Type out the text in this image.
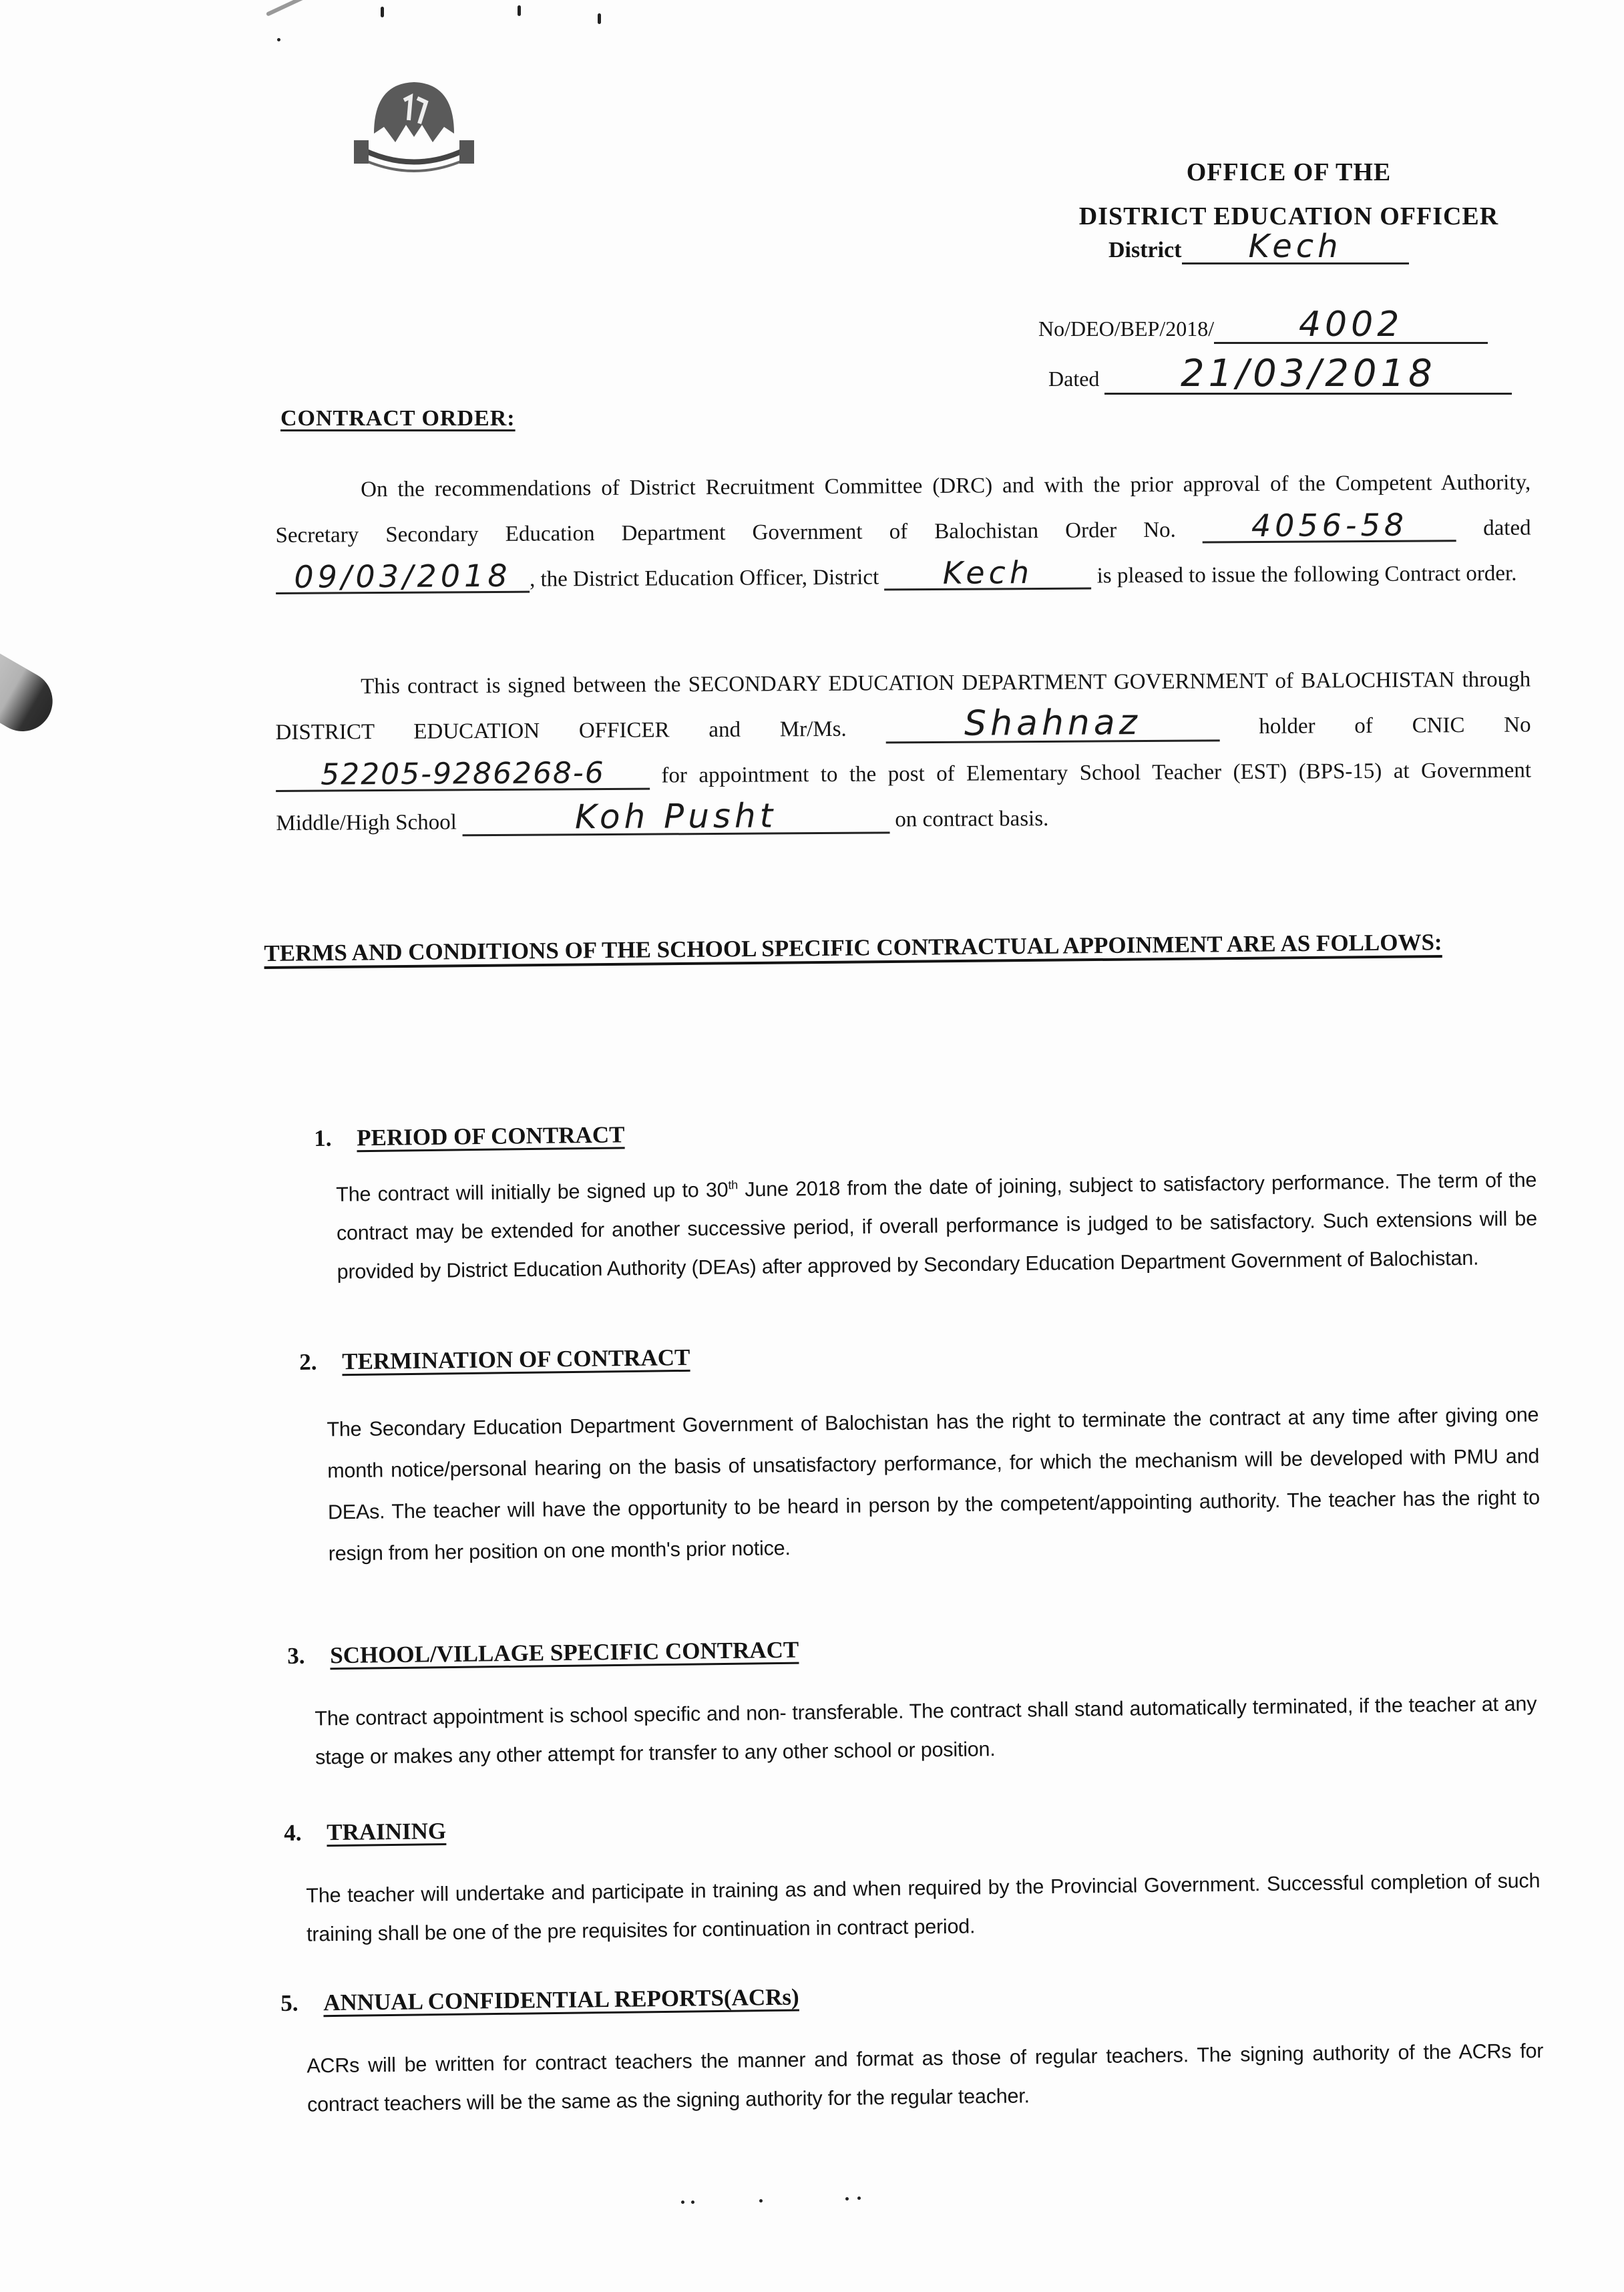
OFFICE OF THE
DISTRICT EDUCATION OFFICER
District Kech
No/DEO/BEP/2018/ 4002
Dated 21/03/2018
CONTRACT ORDER:
On the recommendations of District Recruitment Committee (DRC) and with the prior approval of the Competent Authority, Secretary Secondary Education Department Government of Balochistan Order No. 4056-58	dated 09/03/2018 , the District Education Officer, District Kech	is pleased to issue the following Contract order.
This contract is signed between the SECONDARY EDUCATION DEPARTMENT GOVERNMENT of BALOCHISTAN through DISTRICT EDUCATION OFFICER and Mr/Ms.	Shahnaz	holder of CNIC No 52205-9286268-6	for appointment to the post of Elementary School Teacher (EST) (BPS-15) at Government Middle/High School	Koh Pusht	on contract basis.
TERMS AND CONDITIONS OF THE SCHOOL SPECIFIC CONTRACTUAL APPOINMENT ARE AS FOLLOWS:
1. PERIOD OF CONTRACT
The contract will initially be signed up to 30th June 2018 from the date of joining, subject to satisfactory performance. The term of the contract may be extended for another successive period, if overall performance is judged to be satisfactory. Such extensions will be provided by District Education Authority (DEAs) after approved by Secondary Education Department Government of Balochistan.
2. TERMINATION OF CONTRACT
The Secondary Education Department Government of Balochistan has the right to terminate the contract at any time after giving one month notice/personal hearing on the basis of unsatisfactory performance, for which the mechanism will be developed with PMU and DEAs. The teacher will have the opportunity to be heard in person by the competent/appointing authority. The teacher has the right to resign from her position on one month's prior notice.
3. SCHOOL/VILLAGE SPECIFIC CONTRACT
The contract appointment is school specific and non- transferable. The contract shall stand automatically terminated, if the teacher at any stage or makes any other attempt for transfer to any other school or position.
4. TRAINING
The teacher will undertake and participate in training as and when required by the Provincial Government. Successful completion of such training shall be one of the pre requisites for continuation in contract period.
5. ANNUAL CONFIDENTIAL REPORTS(ACRs)
ACRs will be written for contract teachers the manner and format as those of regular teachers. The signing authority of the ACRs for contract teachers will be the same as the signing authority for the regular teacher.
